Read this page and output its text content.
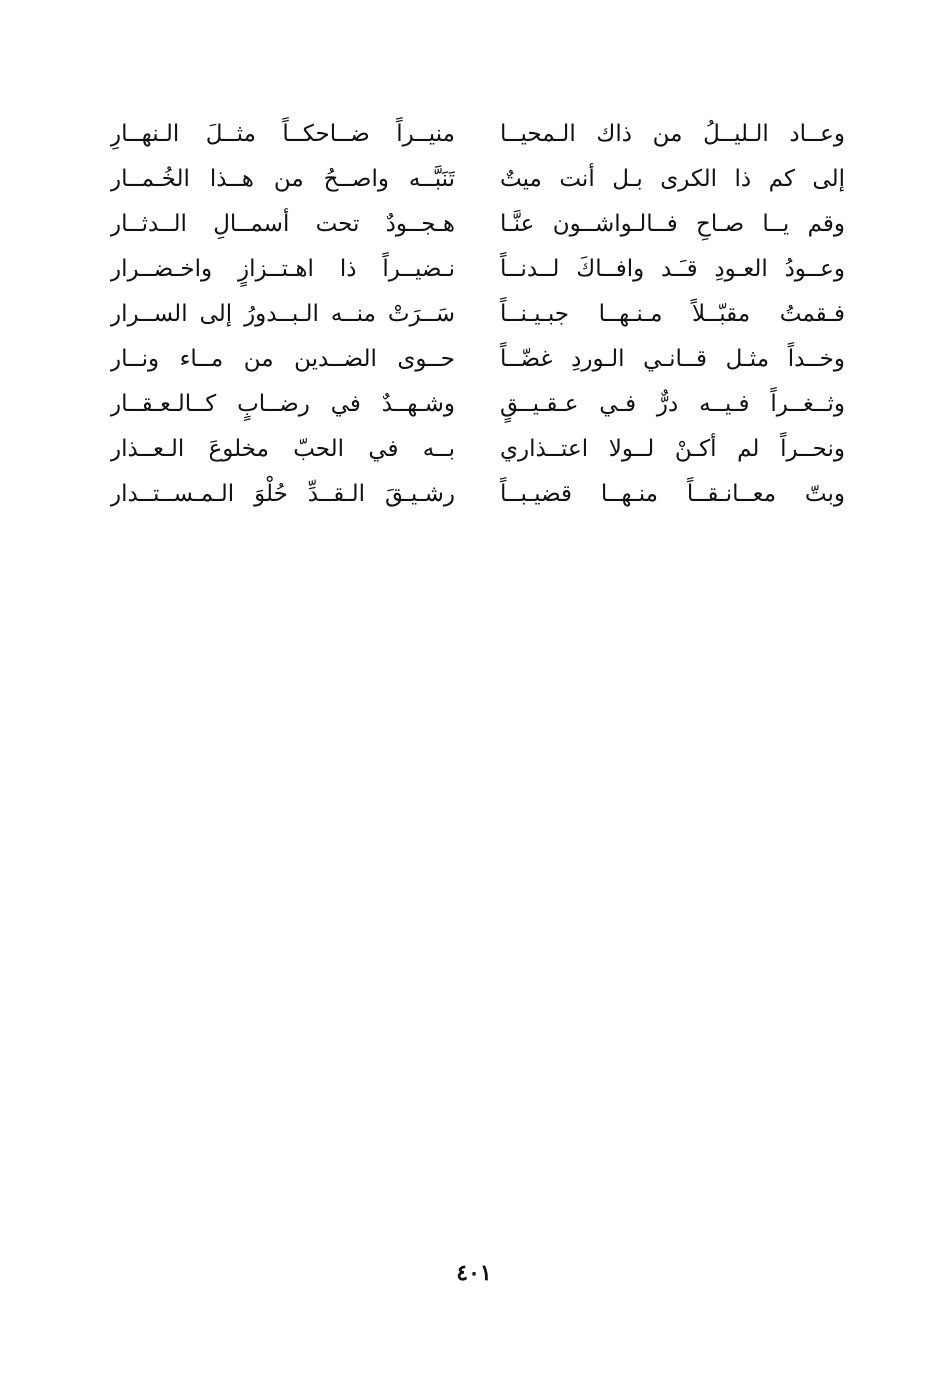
وعــاد الـليــلُ من ذاك الـمحيــا
منيــراً ضــاحكــاً مثــلَ الـنهــارِ
إلى كم ذا الكرى بـل أنت ميتٌ
تَنَبَّــه واصــحُ من هــذا الخُـمــار
وقم يــا صـاحِ فــالـواشــون عنَّـا
هـجــودٌ تحت أسمــالِ الــدثــار
وعــودُ العـودِ قـَـد وافــاكَ لــدنــاً
نـضيــراً ذا اهـتــزازٍ واخـضــرار
فـقمتُ مقبّــلاً مـنـهــا جبـيـنــاً
سَــرَتْ منــه الـبــدورُ إلى الســرار
وخــداً مثـل قــانـي الـوردِ غضّــاً
حــوى الضــدين من مــاء ونــار
وثــغــراً فـيــه درٌّ فـي عـقـيــقٍ
وشـهــدٌ في رضــابٍ كــالـعـقــار
ونحــراً لم أكـنْ لــولا اعتــذاري
بــه في الحبّ مخلوعَ الـعــذار
وبتّ معــانـقــاً منـهــا قضيـبــاً
رشـيـقَ الـقــدِّ حُلْوَ الـمـســتــدار
٤٠١
